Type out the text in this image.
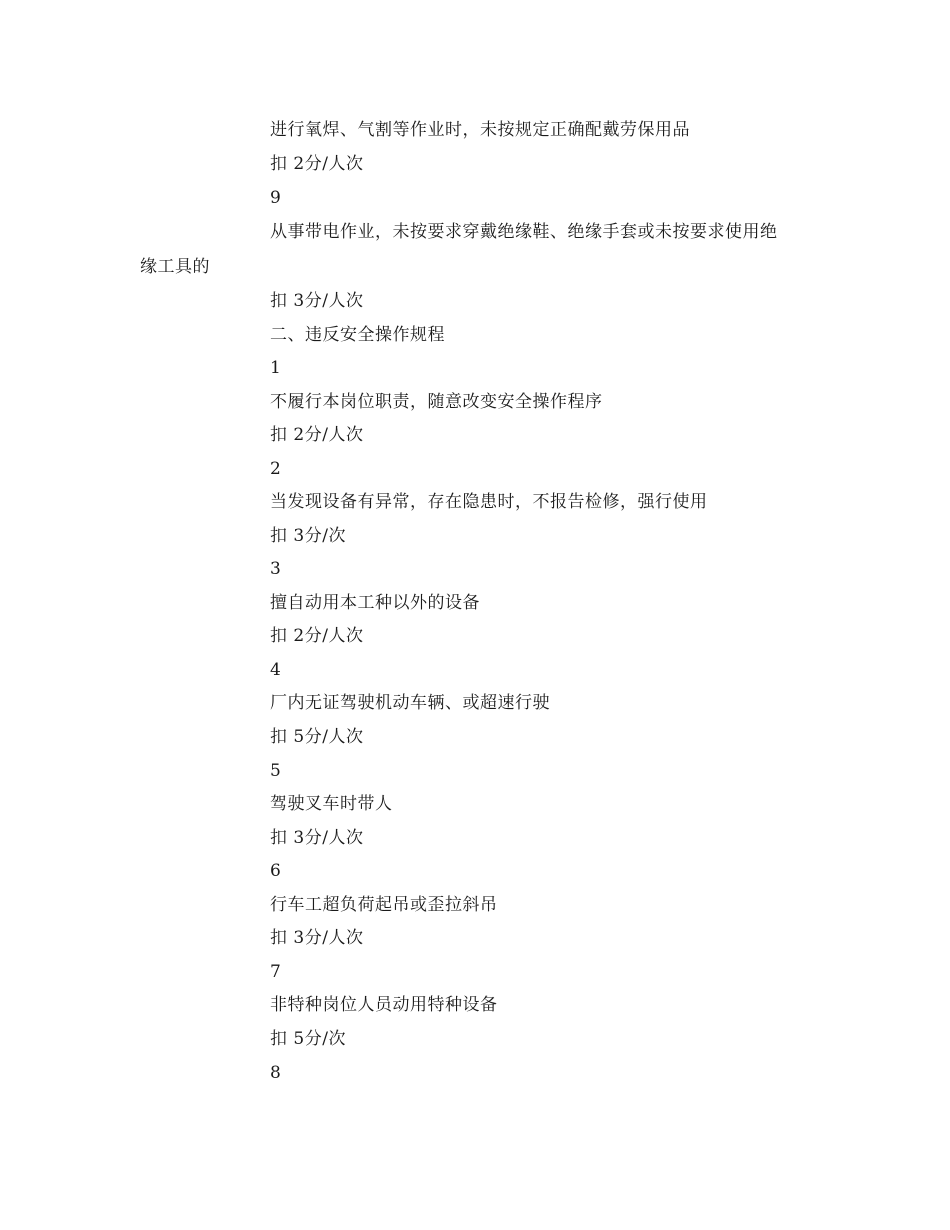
进行氧焊、气割等作业时，未按规定正确配戴劳保用品
扣 2分/人次
9
从事带电作业，未按要求穿戴绝缘鞋、绝缘手套或未按要求使用绝
缘工具的
扣 3分/人次
二、违反安全操作规程
1
不履行本岗位职责，随意改变安全操作程序
扣 2分/人次
2
当发现设备有异常，存在隐患时，不报告检修，强行使用
扣 3分/次
3
擅自动用本工种以外的设备
扣 2分/人次
4
厂内无证驾驶机动车辆、或超速行驶
扣 5分/人次
5
驾驶叉车时带人
扣 3分/人次
6
行车工超负荷起吊或歪拉斜吊
扣 3分/人次
7
非特种岗位人员动用特种设备
扣 5分/次
8
